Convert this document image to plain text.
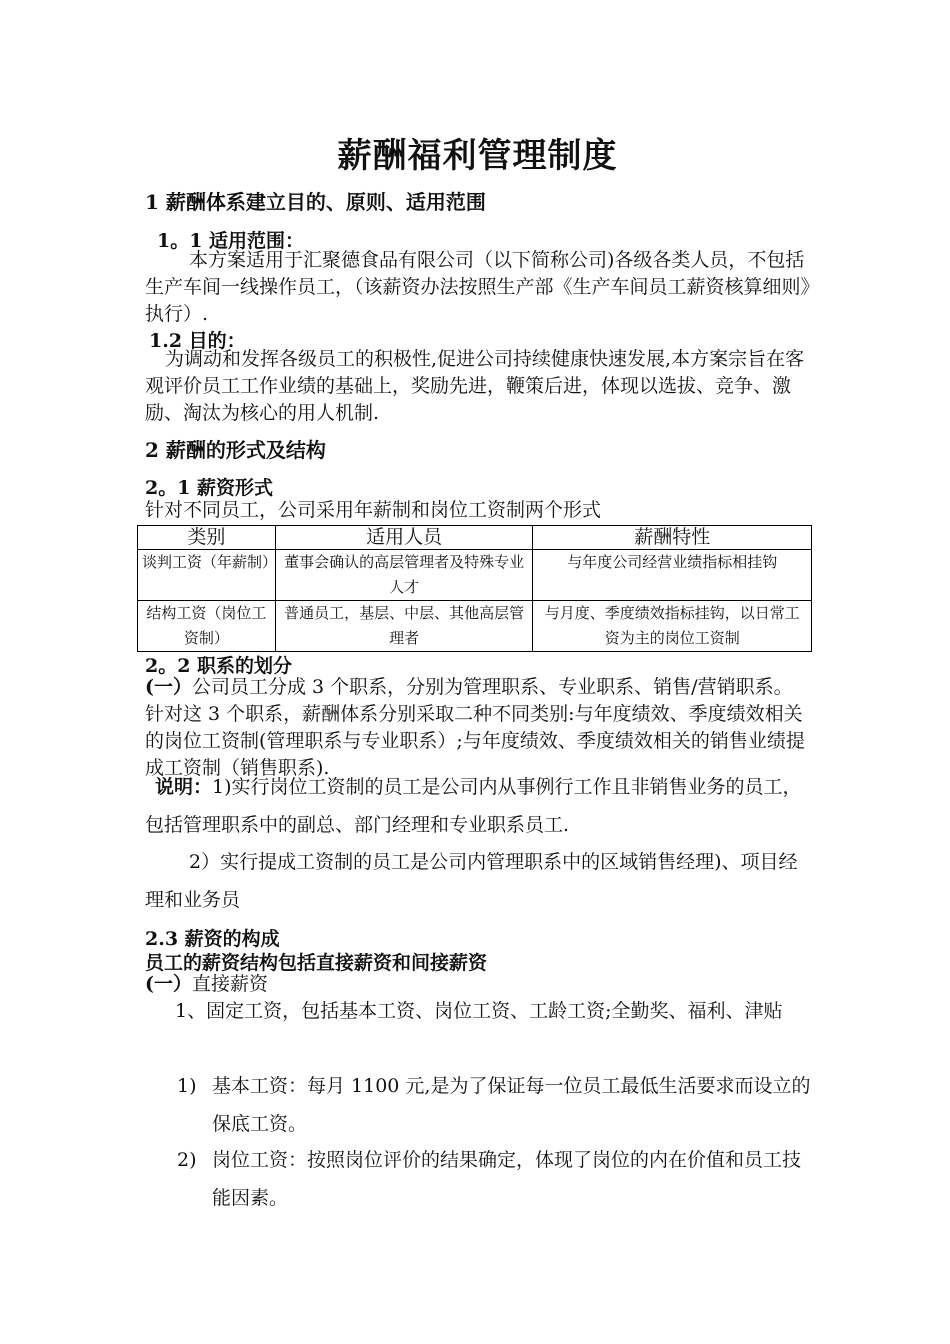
薪酬福利管理制度
1 薪酬体系建立目的、原则、适用范围
1。1 适用范围：
本方案适用于汇聚德食品有限公司（以下简称公司)各级各类人员，不包括生产车间一线操作员工，（该薪资办法按照生产部《生产车间员工薪资核算细则》执行）.
1.2 目的：
为调动和发挥各级员工的积极性,促进公司持续健康快速发展,本方案宗旨在客观评价员工工作业绩的基础上，奖励先进，鞭策后进，体现以选拔、竞争、激励、淘汰为核心的用人机制.
2 薪酬的形式及结构
2。1 薪资形式
针对不同员工，公司采用年薪制和岗位工资制两个形式
类别	适用人员	薪酬特性
谈判工资（年薪制）	董事会确认的高层管理者及特殊专业人才	与年度公司经营业绩指标相挂钩
结构工资（岗位工资制）	普通员工，基层、中层、其他高层管理者	与月度、季度绩效指标挂钩，以日常工资为主的岗位工资制
2。2 职系的划分
(一）公司员工分成 3 个职系，分别为管理职系、专业职系、销售/营销职系。针对这 3 个职系，薪酬体系分别采取二种不同类别:与年度绩效、季度绩效相关的岗位工资制(管理职系与专业职系）;与年度绩效、季度绩效相关的销售业绩提成工资制（销售职系).
说明：1)实行岗位工资制的员工是公司内从事例行工作且非销售业务的员工，包括管理职系中的副总、部门经理和专业职系员工.
2）实行提成工资制的员工是公司内管理职系中的区域销售经理)、项目经理和业务员
2.3 薪资的构成
员工的薪资结构包括直接薪资和间接薪资
(一）直接薪资
1、固定工资，包括基本工资、岗位工资、工龄工资;全勤奖、福利、津贴
1) 基本工资：每月 1100 元,是为了保证每一位员工最低生活要求而设立的保底工资。
2) 岗位工资：按照岗位评价的结果确定，体现了岗位的内在价值和员工技能因素。
